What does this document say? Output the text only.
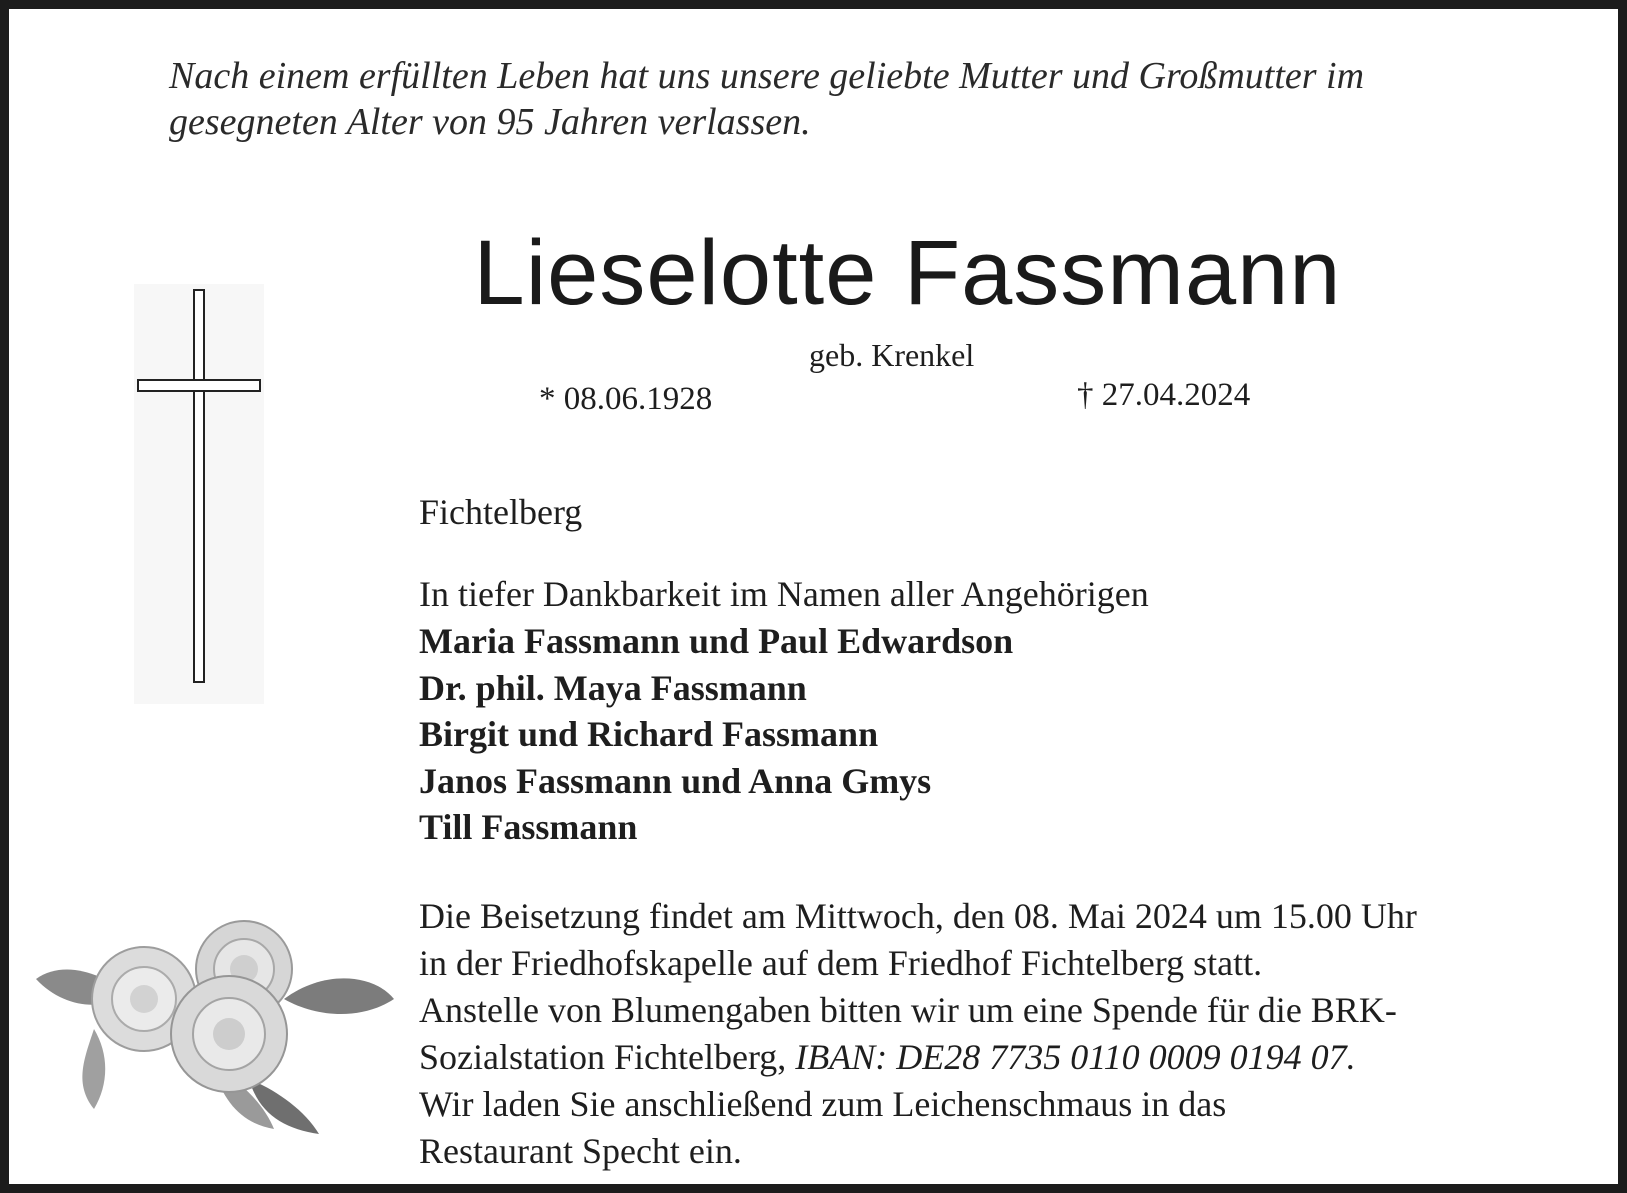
Nach einem erfüllten Leben hat uns unsere geliebte Mutter und Großmutter im
gesegneten Alter von 95 Jahren verlassen.
Lieselotte Fassmann
geb. Krenkel
* 08.06.1928	† 27.04.2024
Fichtelberg
In tiefer Dankbarkeit im Namen aller Angehörigen
Maria Fassmann und Paul Edwardson
Dr. phil. Maya Fassmann
Birgit und Richard Fassmann
Janos Fassmann und Anna Gmys
Till Fassmann
Die Beisetzung findet am Mittwoch, den 08. Mai 2024 um 15.00 Uhr
in der Friedhofskapelle auf dem Friedhof Fichtelberg statt.
Anstelle von Blumengaben bitten wir um eine Spende für die BRK-
Sozialstation Fichtelberg, IBAN: DE28 7735 0110 0009 0194 07.
Wir laden Sie anschließend zum Leichenschmaus in das
Restaurant Specht ein.
